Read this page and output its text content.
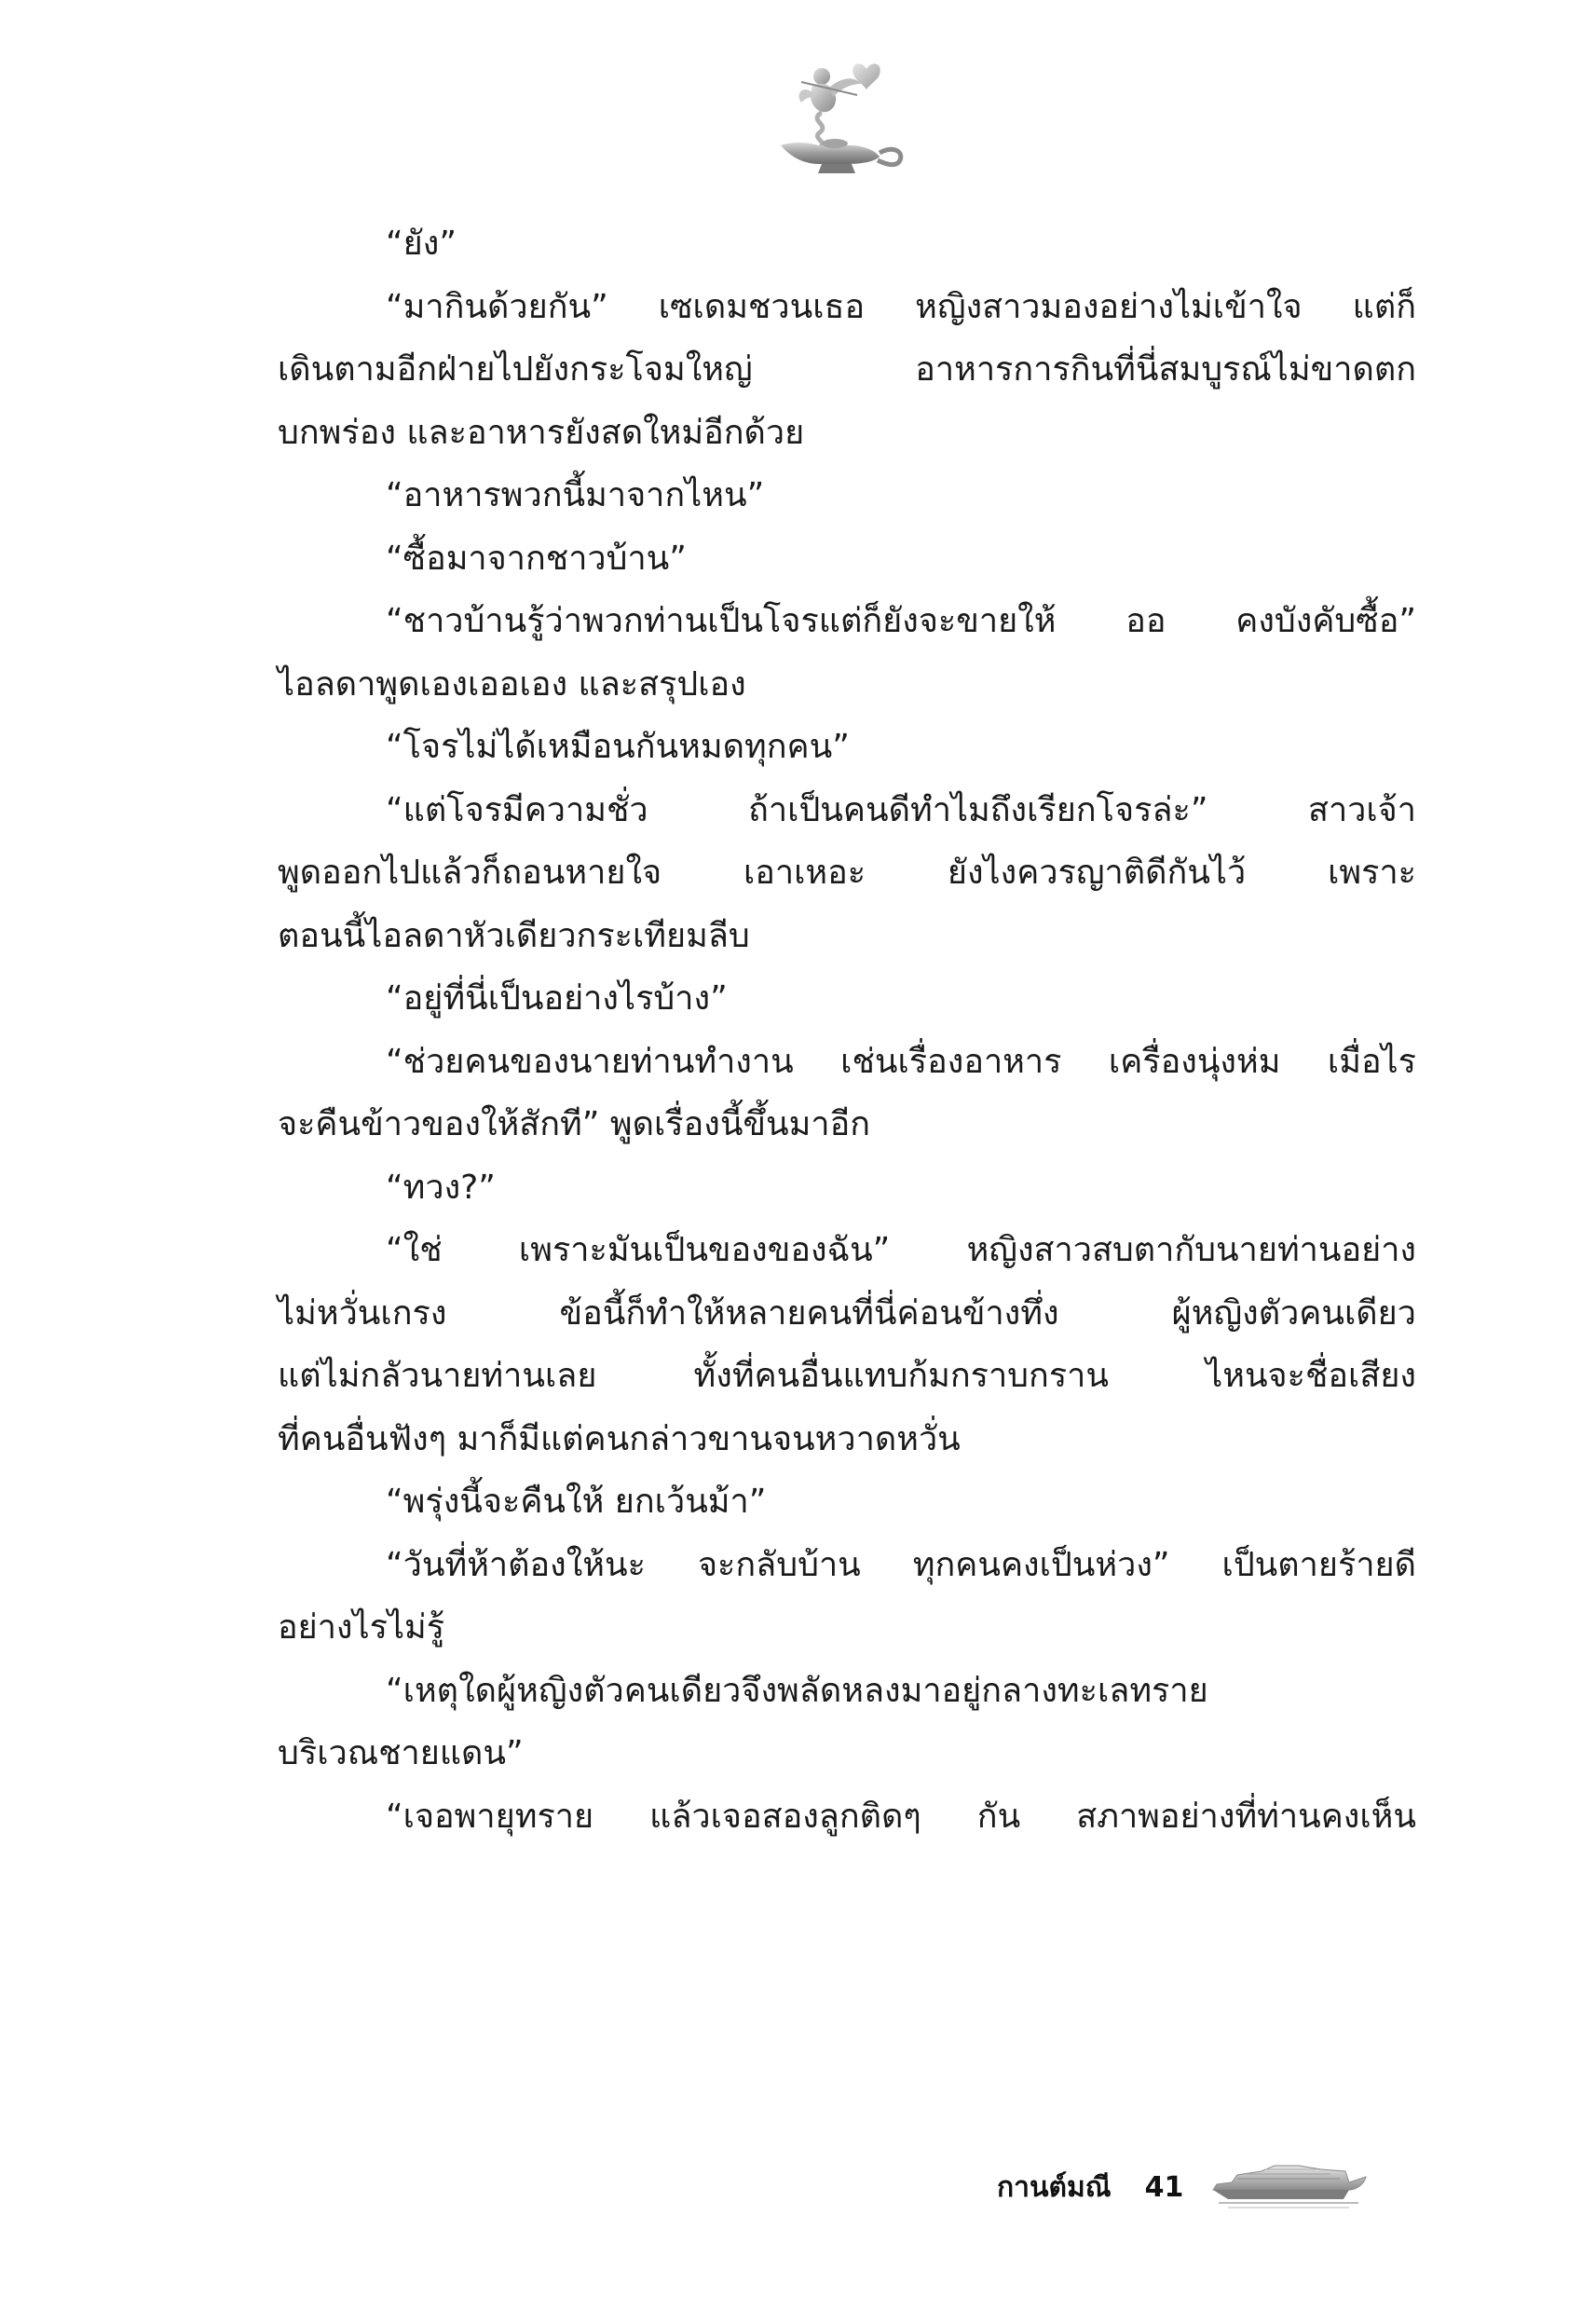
“ยัง”
“มากินด้วยกัน” เซเดมชวนเธอ หญิงสาวมองอย่างไม่เข้าใจ แต่ก็
เดินตามอีกฝ่ายไปยังกระโจมใหญ่ อาหารการกินที่นี่สมบูรณ์ไม่ขาดตก
บกพร่อง และอาหารยังสดใหม่อีกด้วย
“อาหารพวกนี้มาจากไหน”
“ซื้อมาจากชาวบ้าน”
“ชาวบ้านรู้ว่าพวกท่านเป็นโจรแต่ก็ยังจะขายให้ ออ คงบังคับซื้อ”
ไอลดาพูดเองเออเอง และสรุปเอง
“โจรไม่ได้เหมือนกันหมดทุกคน”
“แต่โจรมีความชั่ว ถ้าเป็นคนดีทำไมถึงเรียกโจรล่ะ” สาวเจ้า
พูดออกไปแล้วก็ถอนหายใจ เอาเหอะ ยังไงควรญาติดีกันไว้ เพราะ
ตอนนี้ไอลดาหัวเดียวกระเทียมลีบ
“อยู่ที่นี่เป็นอย่างไรบ้าง”
“ช่วยคนของนายท่านทำงาน เช่นเรื่องอาหาร เครื่องนุ่งห่ม เมื่อไร
จะคืนข้าวของให้สักที” พูดเรื่องนี้ขึ้นมาอีก
“ทวง?”
“ใช่ เพราะมันเป็นของของฉัน” หญิงสาวสบตากับนายท่านอย่าง
ไม่หวั่นเกรง ข้อนี้ก็ทำให้หลายคนที่นี่ค่อนข้างทึ่ง ผู้หญิงตัวคนเดียว
แต่ไม่กลัวนายท่านเลย ทั้งที่คนอื่นแทบก้มกราบกราน ไหนจะชื่อเสียง
ที่คนอื่นฟังๆ มาก็มีแต่คนกล่าวขานจนหวาดหวั่น
“พรุ่งนี้จะคืนให้ ยกเว้นม้า”
“วันที่ห้าต้องให้นะ จะกลับบ้าน ทุกคนคงเป็นห่วง” เป็นตายร้ายดี
อย่างไรไม่รู้
“เหตุใดผู้หญิงตัวคนเดียวจึงพลัดหลงมาอยู่กลางทะเลทราย
บริเวณชายแดน”
“เจอพายุทราย แล้วเจอสองลูกติดๆ กัน สภาพอย่างที่ท่านคงเห็น
กานต์มณี 41
